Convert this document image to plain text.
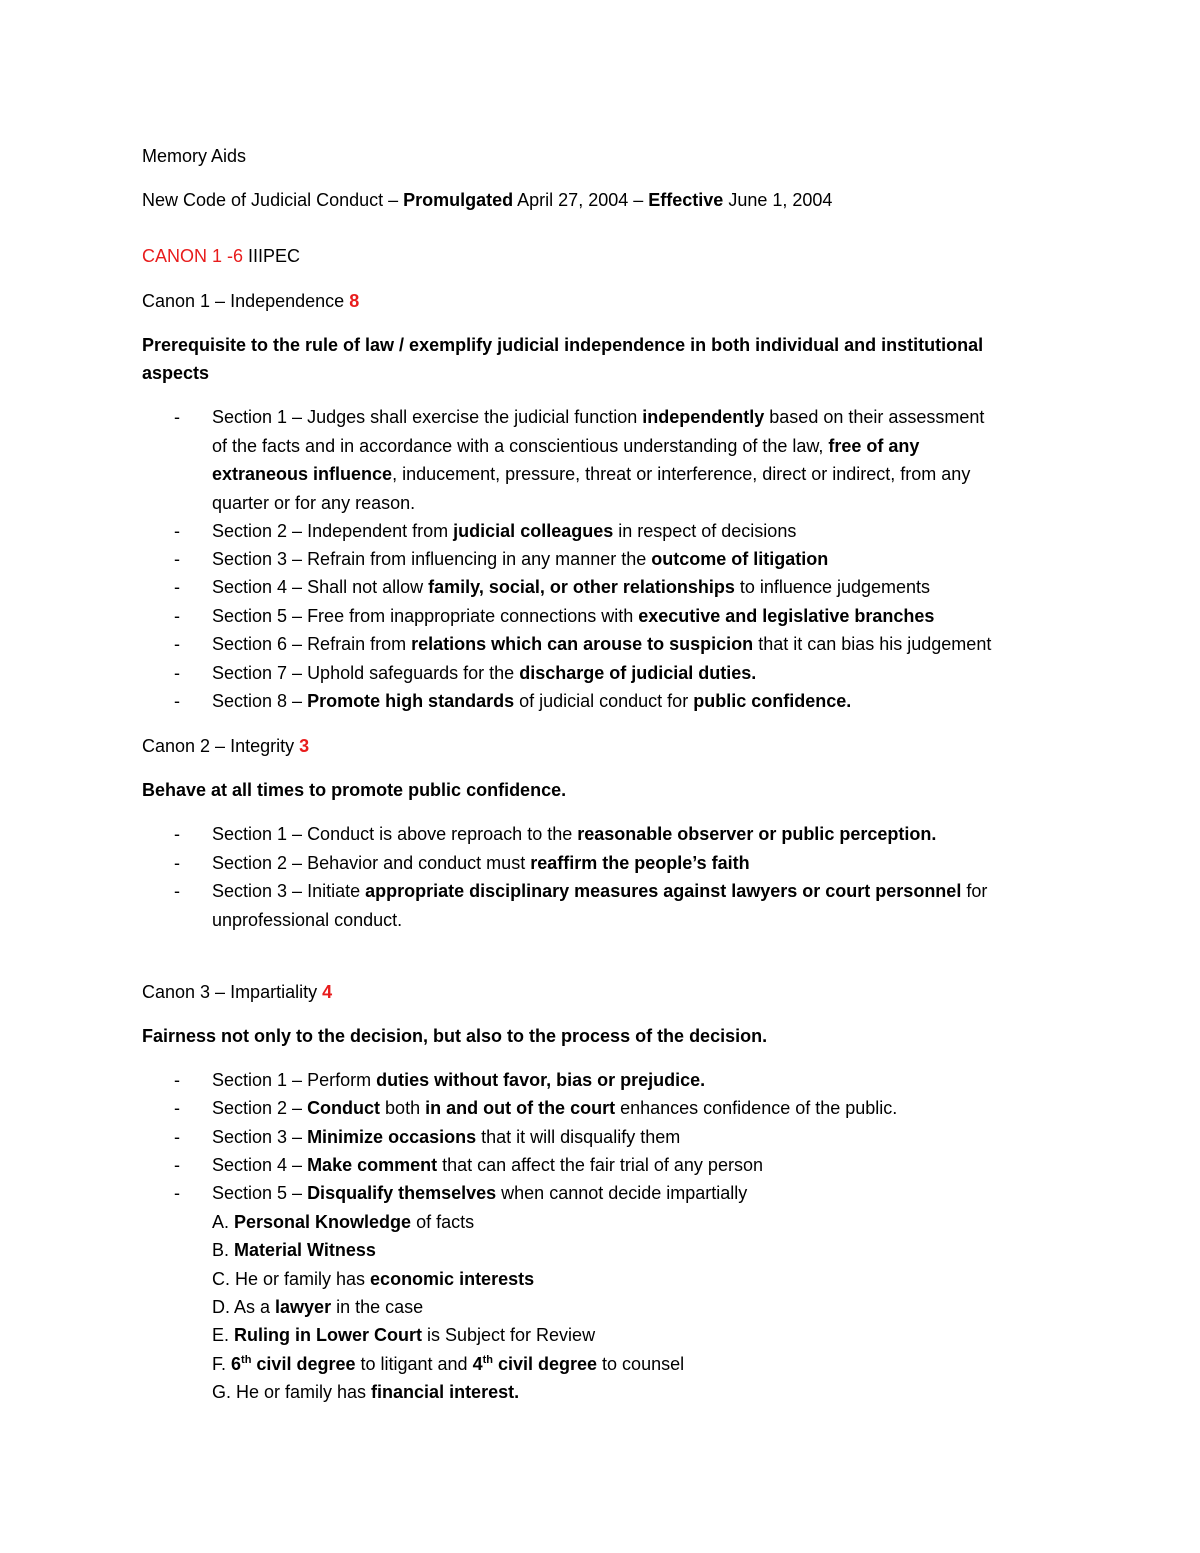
Memory Aids

New Code of Judicial Conduct – Promulgated April 27, 2004 – Effective June 1, 2004

CANON 1 -6 IIIPEC

Canon 1 – Independence 8

Prerequisite to the rule of law / exemplify judicial independence in both individual and institutional

aspects

- Section 1 – Judges shall exercise the judicial function independently based on their assessment

of the facts and in accordance with a conscientious understanding of the law, free of any

extraneous influence, inducement, pressure, threat or interference, direct or indirect, from any

quarter or for any reason.

- Section 2 – Independent from judicial colleagues in respect of decisions

- Section 3 – Refrain from influencing in any manner the outcome of litigation

- Section 4 – Shall not allow family, social, or other relationships to influence judgements

- Section 5 – Free from inappropriate connections with executive and legislative branches

- Section 6 – Refrain from relations which can arouse to suspicion that it can bias his judgement

- Section 7 – Uphold safeguards for the discharge of judicial duties.

- Section 8 – Promote high standards of judicial conduct for public confidence.

Canon 2 – Integrity 3

Behave at all times to promote public confidence.

- Section 1 – Conduct is above reproach to the reasonable observer or public perception.

- Section 2 – Behavior and conduct must reaffirm the people’s faith

- Section 3 – Initiate appropriate disciplinary measures against lawyers or court personnel for

unprofessional conduct.

Canon 3 – Impartiality 4

Fairness not only to the decision, but also to the process of the decision.

- Section 1 – Perform duties without favor, bias or prejudice.

- Section 2 – Conduct both in and out of the court enhances confidence of the public.

- Section 3 – Minimize occasions that it will disqualify them

- Section 4 – Make comment that can affect the fair trial of any person

- Section 5 – Disqualify themselves when cannot decide impartially

A. Personal Knowledge of facts

B. Material Witness

C. He or family has economic interests

D. As a lawyer in the case

E. Ruling in Lower Court is Subject for Review

F. 6th civil degree to litigant and 4th civil degree to counsel

G. He or family has financial interest.
